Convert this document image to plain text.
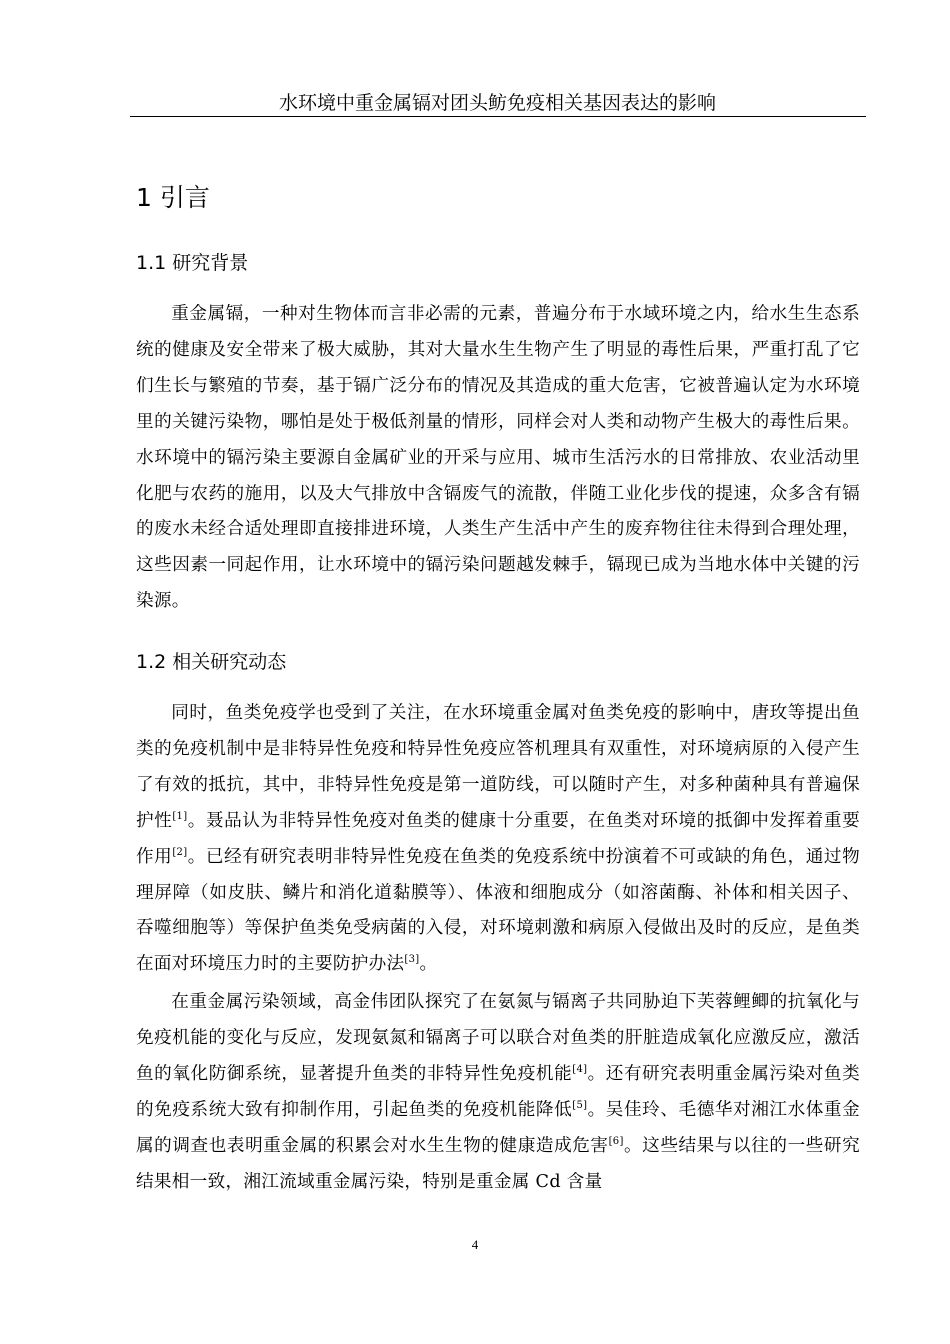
水环境中重金属镉对团头鲂免疫相关基因表达的影响
1 引言
1.1 研究背景

重金属镉，一种对生物体而言非必需的元素，普遍分布于水域环境之内，给水生生态系统的健康及安全带来了极大威胁，其对大量水生生物产生了明显的毒性后果，严重打乱了它们生长与繁殖的节奏，基于镉广泛分布的情况及其造成的重大危害，它被普遍认定为水环境里的关键污染物，哪怕是处于极低剂量的情形，同样会对人类和动物产生极大的毒性后果。水环境中的镉污染主要源自金属矿业的开采与应用、城市生活污水的日常排放、农业活动里化肥与农药的施用，以及大气排放中含镉废气的流散，伴随工业化步伐的提速，众多含有镉的废水未经合适处理即直接排进环境，人类生产生活中产生的废弃物往往未得到合理处理，这些因素一同起作用，让水环境中的镉污染问题越发棘手，镉现已成为当地水体中关键的污染源。

1.2 相关研究动态

同时，鱼类免疫学也受到了关注，在水环境重金属对鱼类免疫的影响中，唐玫等提出鱼类的免疫机制中是非特异性免疫和特异性免疫应答机理具有双重性，对环境病原的入侵产生了有效的抵抗，其中，非特异性免疫是第一道防线，可以随时产生，对多种菌种具有普遍保护性[1]。聂品认为非特异性免疫对鱼类的健康十分重要，在鱼类对环境的抵御中发挥着重要作用[2]。已经有研究表明非特异性免疫在鱼类的免疫系统中扮演着不可或缺的角色，通过物理屏障（如皮肤、鳞片和消化道黏膜等）、体液和细胞成分（如溶菌酶、补体和相关因子、吞噬细胞等）等保护鱼类免受病菌的入侵，对环境刺激和病原入侵做出及时的反应，是鱼类在面对环境压力时的主要防护办法[3]。

在重金属污染领域，高金伟团队探究了在氨氮与镉离子共同胁迫下芙蓉鲤鲫的抗氧化与免疫机能的变化与反应，发现氨氮和镉离子可以联合对鱼类的肝脏造成氧化应激反应，激活鱼的氧化防御系统，显著提升鱼类的非特异性免疫机能[4]。还有研究表明重金属污染对鱼类的免疫系统大致有抑制作用，引起鱼类的免疫机能降低[5]。吴佳玲、毛德华对湘江水体重金属的调查也表明重金属的积累会对水生生物的健康造成危害[6]。这些结果与以往的一些研究结果相一致，湘江流域重金属污染，特别是重金属 Cd 含量

4
